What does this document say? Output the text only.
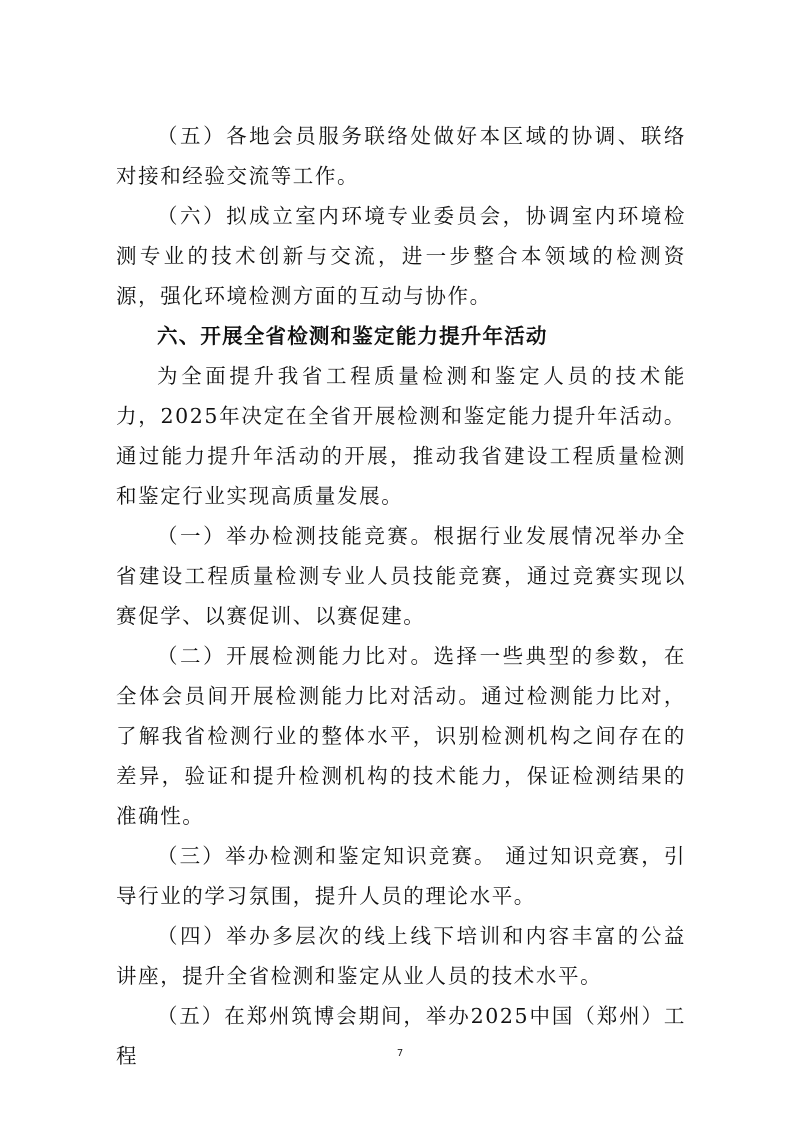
（五）各地会员服务联络处做好本区域的协调、联络对接和经验交流等工作。

（六）拟成立室内环境专业委员会，协调室内环境检测专业的技术创新与交流，进一步整合本领域的检测资源，强化环境检测方面的互动与协作。

六、开展全省检测和鉴定能力提升年活动

为全面提升我省工程质量检测和鉴定人员的技术能力，2025年决定在全省开展检测和鉴定能力提升年活动。通过能力提升年活动的开展，推动我省建设工程质量检测和鉴定行业实现高质量发展。

（一）举办检测技能竞赛。根据行业发展情况举办全省建设工程质量检测专业人员技能竞赛，通过竞赛实现以赛促学、以赛促训、以赛促建。

（二）开展检测能力比对。选择一些典型的参数，在全体会员间开展检测能力比对活动。通过检测能力比对，了解我省检测行业的整体水平，识别检测机构之间存在的差异，验证和提升检测机构的技术能力，保证检测结果的准确性。

（三）举办检测和鉴定知识竞赛。 通过知识竞赛，引导行业的学习氛围，提升人员的理论水平。

（四）举办多层次的线上线下培训和内容丰富的公益讲座，提升全省检测和鉴定从业人员的技术水平。

（五）在郑州筑博会期间，举办2025中国（郑州）工程	7
